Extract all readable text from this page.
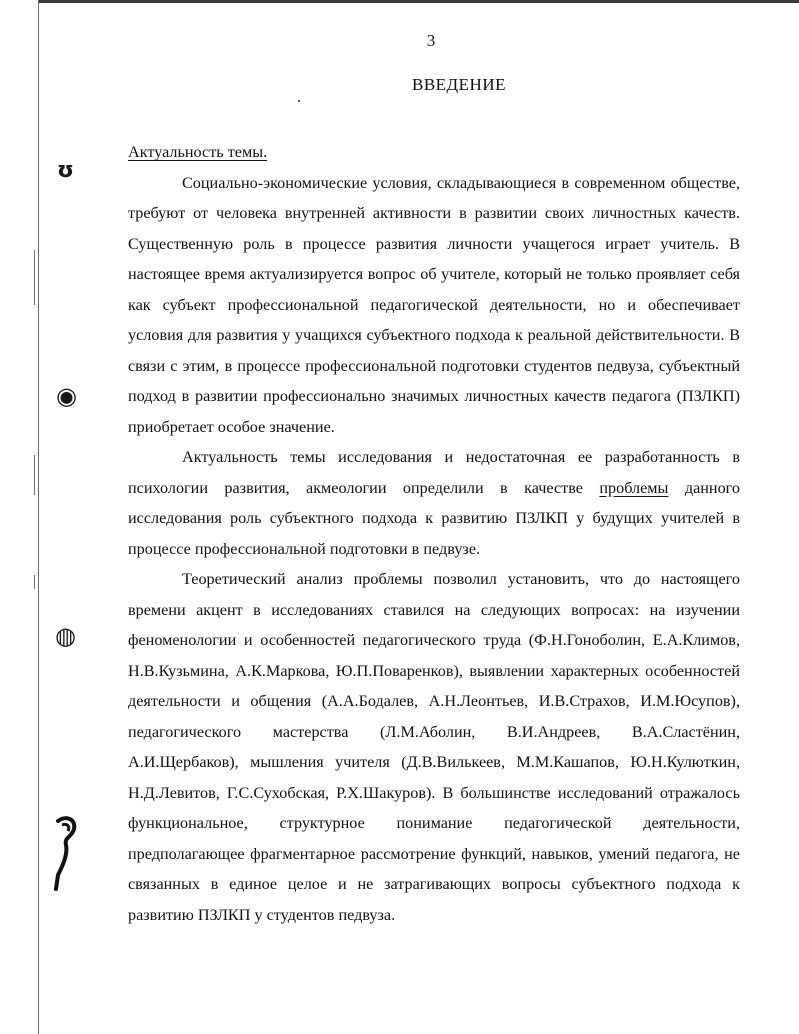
ʊ
◉
◍
3
ВВЕДЕНИЕ

Актуальность темы.

Социально-экономические условия, складывающиеся в современном обществе, требуют от человека внутренней активности в развитии своих личностных качеств. Существенную роль в процессе развития личности учащегося играет учитель. В настоящее время актуализируется вопрос об учителе, который не только проявляет себя как субъект профессиональной педагогической деятельности, но и обеспечивает условия для развития у учащихся субъектного подхода к реальной действительности. В связи с этим, в процессе профессиональной подготовки студентов педвуза, субъектный подход в развитии профессионально значимых личностных качеств педагога (ПЗЛКП) приобретает особое значение.

Актуальность темы исследования и недостаточная ее разработанность в психологии развития, акмеологии определили в качестве проблемы данного исследования роль субъектного подхода к развитию ПЗЛКП у будущих учителей в процессе профессиональной подготовки в педвузе.

Теоретический анализ проблемы позволил установить, что до настоящего времени акцент в исследованиях ставился на следующих вопросах: на изучении феноменологии и особенностей педагогического труда (Ф.Н.Гоноболин, Е.А.Климов, Н.В.Кузьмина, А.К.Маркова, Ю.П.Поваренков), выявлении характерных особенностей деятельности и общения (А.А.Бодалев, А.Н.Леонтьев, И.В.Страхов, И.М.Юсупов), педагогического мастерства (Л.М.Аболин, В.И.Андреев, В.А.Сластёнин, А.И.Щербаков), мышления учителя (Д.В.Вилькеев, М.М.Кашапов, Ю.Н.Кулюткин, Н.Д.Левитов, Г.С.Сухобская, Р.Х.Шакуров). В большинстве исследований отражалось функциональное, структурное понимание педагогической деятельности, предполагающее фрагментарное рассмотрение функций, навыков, умений педагога, не связанных в единое целое и не затрагивающих вопросы субъектного подхода к развитию ПЗЛКП у студентов педвуза.
